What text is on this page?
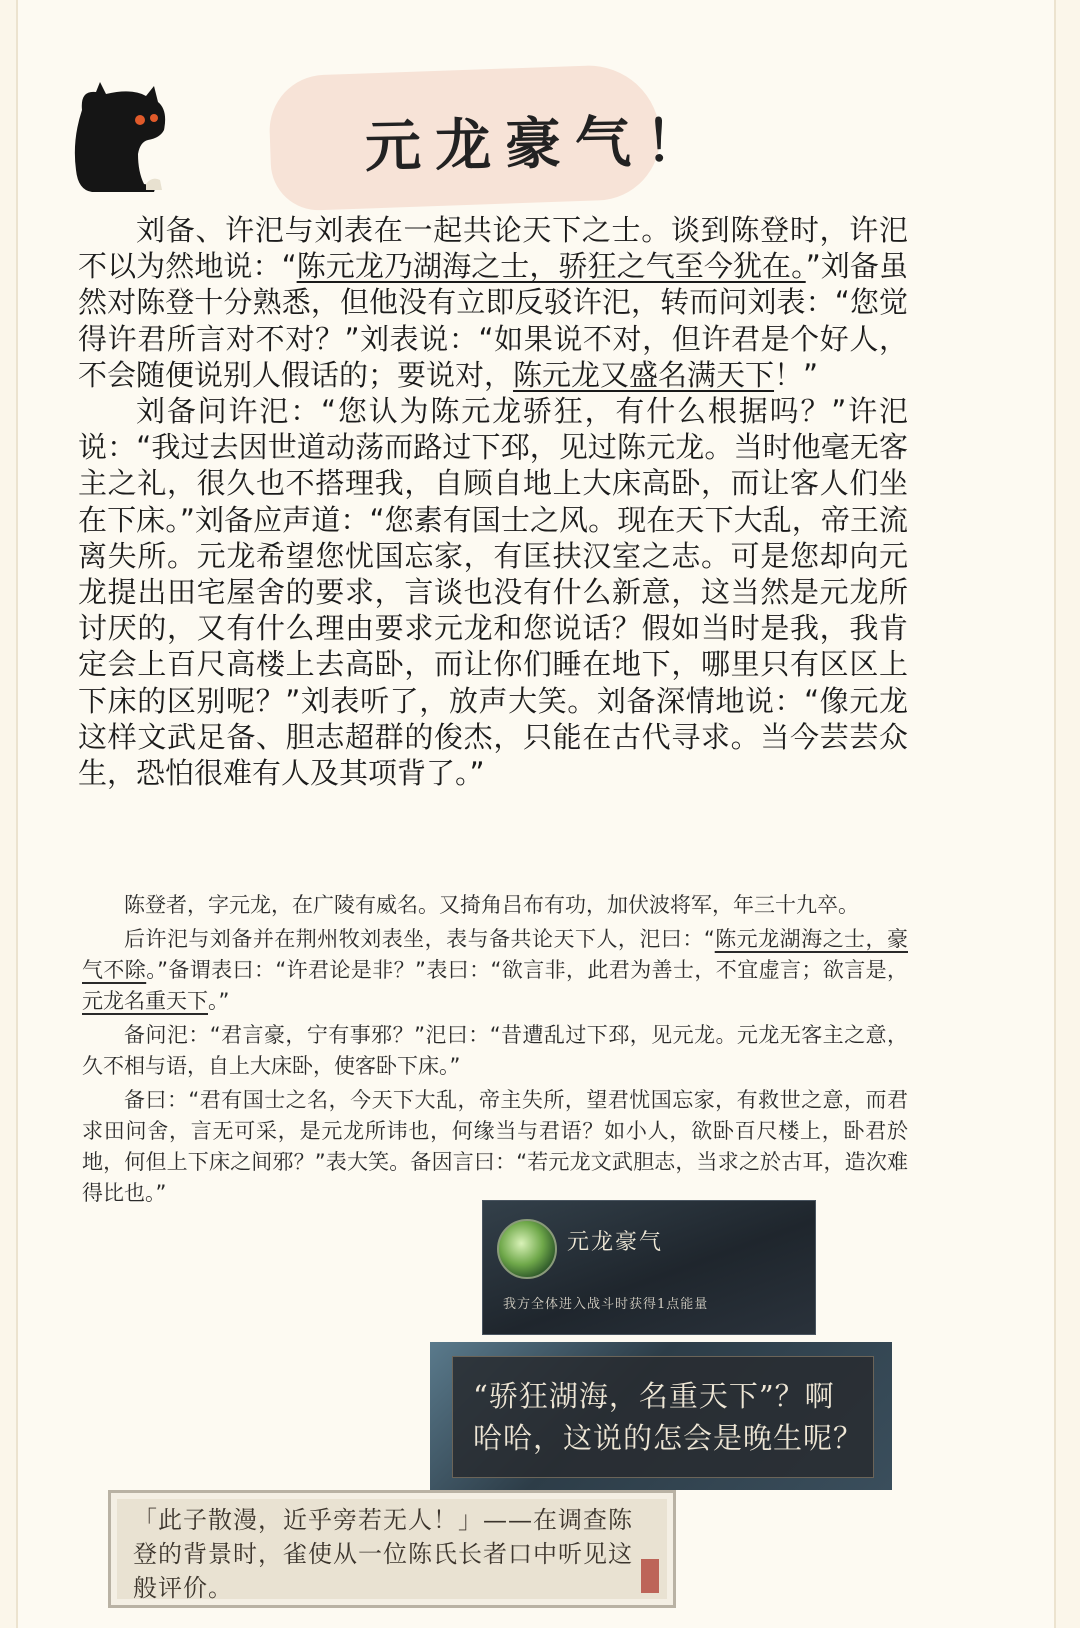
元龙豪气！

刘备、许汜与刘表在一起共论天下之士。谈到陈登时，许汜不以为然地说：“陈元龙乃湖海之士，骄狂之气至今犹在。”刘备虽然对陈登十分熟悉，但他没有立即反驳许汜，转而问刘表：“您觉得许君所言对不对？”刘表说：“如果说不对，但许君是个好人，不会随便说别人假话的；要说对，陈元龙又盛名满天下！”

刘备问许汜：“您认为陈元龙骄狂，有什么根据吗？”许汜说：“我过去因世道动荡而路过下邳，见过陈元龙。当时他毫无客主之礼，很久也不搭理我，自顾自地上大床高卧，而让客人们坐在下床。”刘备应声道：“您素有国士之风。现在天下大乱，帝王流离失所。元龙希望您忧国忘家，有匡扶汉室之志。可是您却向元龙提出田宅屋舍的要求，言谈也没有什么新意，这当然是元龙所讨厌的，又有什么理由要求元龙和您说话？假如当时是我，我肯定会上百尺高楼上去高卧，而让你们睡在地下，哪里只有区区上下床的区别呢？”刘表听了，放声大笑。刘备深情地说：“像元龙这样文武足备、胆志超群的俊杰，只能在古代寻求。当今芸芸众生，恐怕很难有人及其项背了。”

陈登者，字元龙，在广陵有威名。又掎角吕布有功，加伏波将军，年三十九卒。

后许汜与刘备并在荆州牧刘表坐，表与备共论天下人，汜曰：“陈元龙湖海之士，豪气不除。”备谓表曰：“许君论是非？”表曰：“欲言非，此君为善士，不宜虚言；欲言是，元龙名重天下。”

备问汜：“君言豪，宁有事邪？”汜曰：“昔遭乱过下邳，见元龙。元龙无客主之意，久不相与语，自上大床卧，使客卧下床。”

备曰：“君有国士之名，今天下大乱，帝主失所，望君忧国忘家，有救世之意，而君求田问舍，言无可采，是元龙所讳也，何缘当与君语？如小人，欲卧百尺楼上，卧君於地，何但上下床之间邪？”表大笑。备因言曰：“若元龙文武胆志，当求之於古耳，造次难得比也。”

元龙豪气
我方全体进入战斗时获得1点能量
“骄狂湖海，名重天下”？啊哈哈，这说的怎会是晚生呢？
「此子散漫，近乎旁若无人！」——在调查陈登的背景时，雀使从一位陈氏长者口中听见这般评价。
